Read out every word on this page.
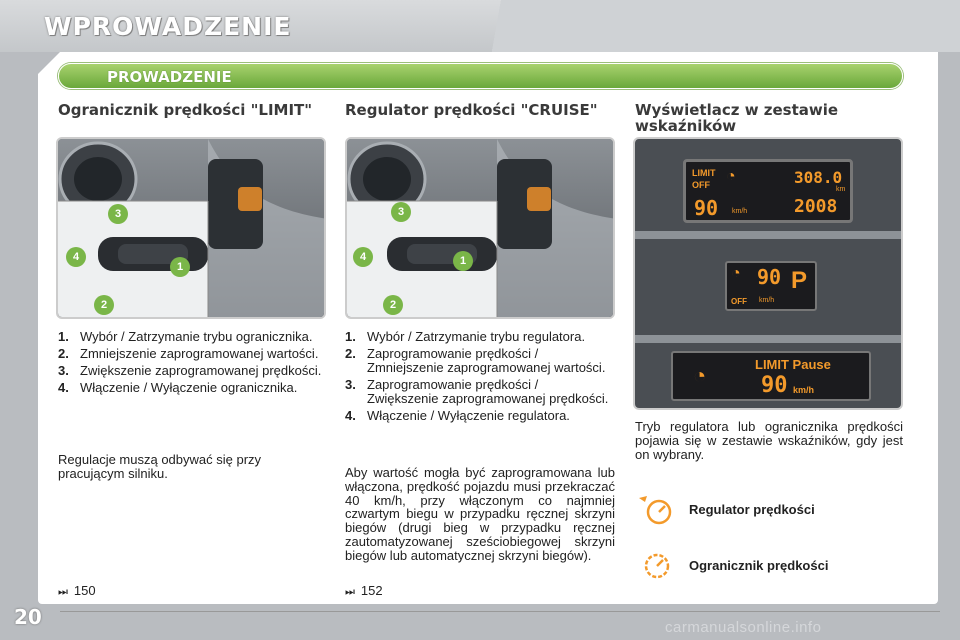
WPROWADZENIE
PROWADZENIE
Ogranicznik prędkości "LIMIT"
3
4
1
2
1. Wybór / Zatrzymanie trybu ogranicznika.
2. Zmniejszenie zaprogramowanej wartości.
3. Zwiększenie zaprogramowanej prędkości.
4. Włączenie / Wyłączenie ogranicznika.
Regulacje muszą odbywać się przy pracującym silniku.
⏭ 150
Regulator prędkości "CRUISE"
3
4	1
2
1. Wybór / Zatrzymanie trybu regulatora.
2. Zaprogramowanie prędkości / Zmniejszenie zaprogramowanej wartości.
3. Zaprogramowanie prędkości / Zwiększenie zaprogramowanej prędkości.
4. Włączenie / Wyłączenie regulatora.
Aby wartość mogła być zaprogramowana lub włączona, prędkość pojazdu musi przekraczać 40 km/h, przy włączonym co najmniej czwartym biegu w przypadku ręcznej skrzyni biegów (drugi bieg w przypadku ręcznej zautomatyzowanej sześciobiegowej skrzyni biegów lub automatycznej skrzyni biegów).
⏭ 152
Wyświetlacz w zestawie wskaźników
LIMIT
OFF ◔
90 km/h
308.0
km
2008
◔
OFF
90
km/h
P
◔	LIMIT Pause
90 km/h
Tryb regulatora lub ogranicznika prędkości pojawia się w zestawie wskaźników, gdy jest on wybrany.
Regulator prędkości
Ogranicznik prędkości
20	carmanualsonline.info
